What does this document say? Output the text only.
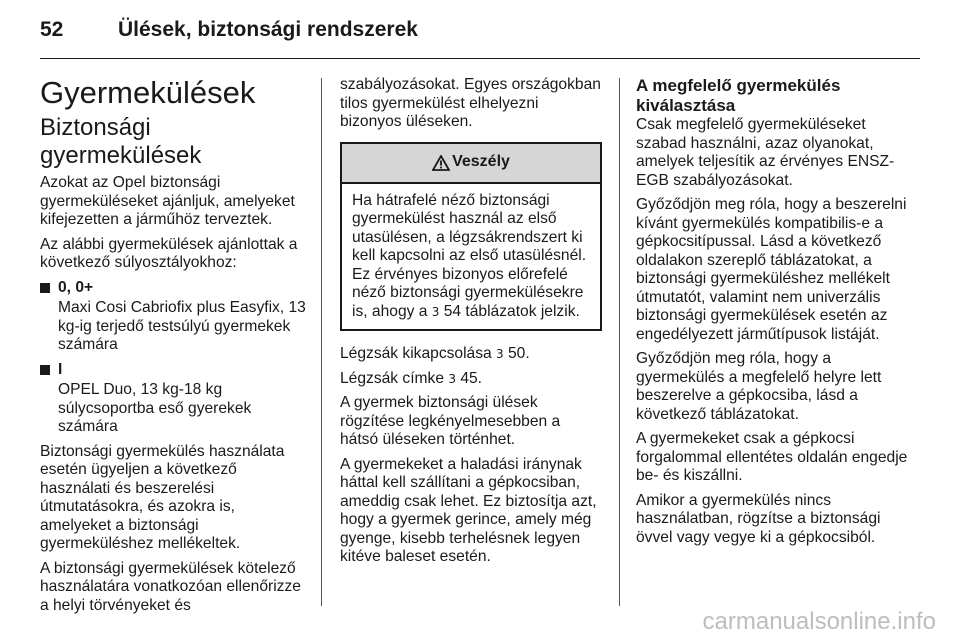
52	Ülések, biztonsági rendszerek
Gyermekülések
Biztonsági gyermekülések

Azokat az Opel biztonsági gyermeküléseket ajánljuk, amelyeket kifejezetten a járműhöz terveztek.

Az alábbi gyermekülések ajánlottak a következő súlyosztályokhoz:

0, 0+
Maxi Cosi Cabriofix plus Easyfix, 13 kg-ig terjedő testsúlyú gyermekek számára
I
OPEL Duo, 13 kg-18 kg súlycsoportba eső gyerekek számára

Biztonsági gyermekülés használata esetén ügyeljen a következő használati és beszerelési útmutatásokra, és azokra is, amelyeket a biztonsági gyermeküléshez mellékeltek.

A biztonsági gyermekülések kötelező használatára vonatkozóan ellenőrizze a helyi törvényeket és

szabályozásokat. Egyes országokban tilos gyermekülést elhelyezni bizonyos üléseken.

Veszély
Ha hátrafelé néző biztonsági gyermekülést használ az első utasülésen, a légzsákrendszert ki kell kapcsolni az első utasülésnél. Ez érvényes bizonyos előrefelé néző biztonsági gyermekülésekre is, ahogy a 3 54 táblázatok jelzik.

Légzsák kikapcsolása 3 50.

Légzsák címke 3 45.

A gyermek biztonsági ülések rögzítése legkényelmesebben a hátsó üléseken történhet.

A gyermekeket a haladási iránynak háttal kell szállítani a gépkocsiban, ameddig csak lehet. Ez biztosítja azt, hogy a gyermek gerince, amely még gyenge, kisebb terhelésnek legyen kitéve baleset esetén.

A megfelelő gyermekülés kiválasztása

Csak megfelelő gyermeküléseket szabad használni, azaz olyanokat, amelyek teljesítik az érvényes ENSZ-EGB szabályozásokat.

Győződjön meg róla, hogy a beszerelni kívánt gyermekülés kompatibilis-e a gépkocsitípussal. Lásd a következő oldalakon szereplő táblázatokat, a biztonsági gyermeküléshez mellékelt útmutatót, valamint nem univerzális biztonsági gyermekülések esetén az engedélyezett járműtípusok listáját.

Győződjön meg róla, hogy a gyermekülés a megfelelő helyre lett beszerelve a gépkocsiba, lásd a következő táblázatokat.

A gyermekeket csak a gépkocsi forgalommal ellentétes oldalán engedje be- és kiszállni.

Amikor a gyermekülés nincs használatban, rögzítse a biztonsági övvel vagy vegye ki a gépkocsiból.

carmanualsonline.info
